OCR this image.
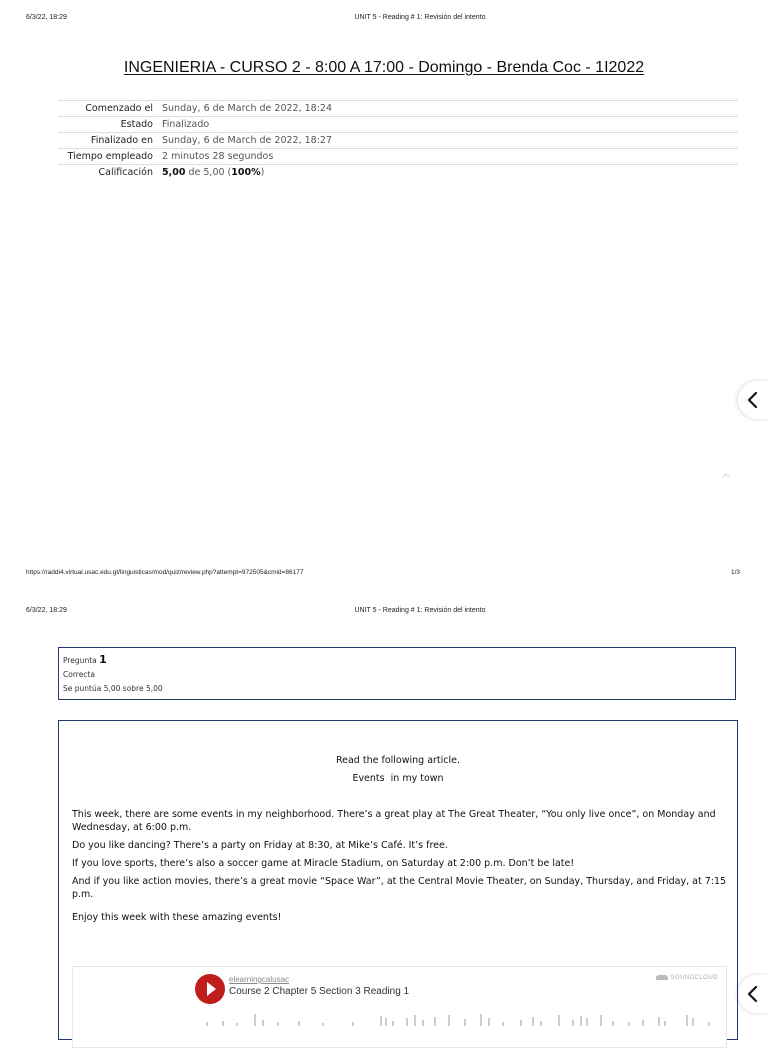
6/3/22, 18:29	UNIT 5 - Reading # 1: Revisión del intento
INGENIERIA - CURSO 2 - 8:00 A 17:00 - Domingo - Brenda Coc - 1I2022
Comenzado el	Sunday, 6 de March de 2022, 18:24
Estado	Finalizado
Finalizado en	Sunday, 6 de March de 2022, 18:27
Tiempo empleado	2 minutos 28 segundos
Calificación	5,00 de 5,00 (100%)
https://raddi4.virtual.usac.edu.gt/linguisticas/mod/quiz/review.php?attempt=972505&cmid=86177	1/3
6/3/22, 18:29	UNIT 5 - Reading # 1: Revisión del intento
Pregunta 1
Correcta
Se puntúa 5,00 sobre 5,00

Read the following article.

Events  in my town

This week, there are some events in my neighborhood. There’s a great play at The Great Theater, “You only live once”, on Monday and Wednesday, at 6:00 p.m.

Do you like dancing? There’s a party on Friday at 8:30, at Mike’s Café. It’s free.

If you love sports, there’s also a soccer game at Miracle Stadium, on Saturday at 2:00 p.m. Don’t be late!

And if you like action movies, there’s a great movie “Space War”, at the Central Movie Theater, on Sunday, Thursday, and Friday, at 7:15 p.m.

Enjoy this week with these amazing events!

elearningcalusac
Course 2 Chapter 5 Section 3 Reading 1
SOUNDCLOUD
